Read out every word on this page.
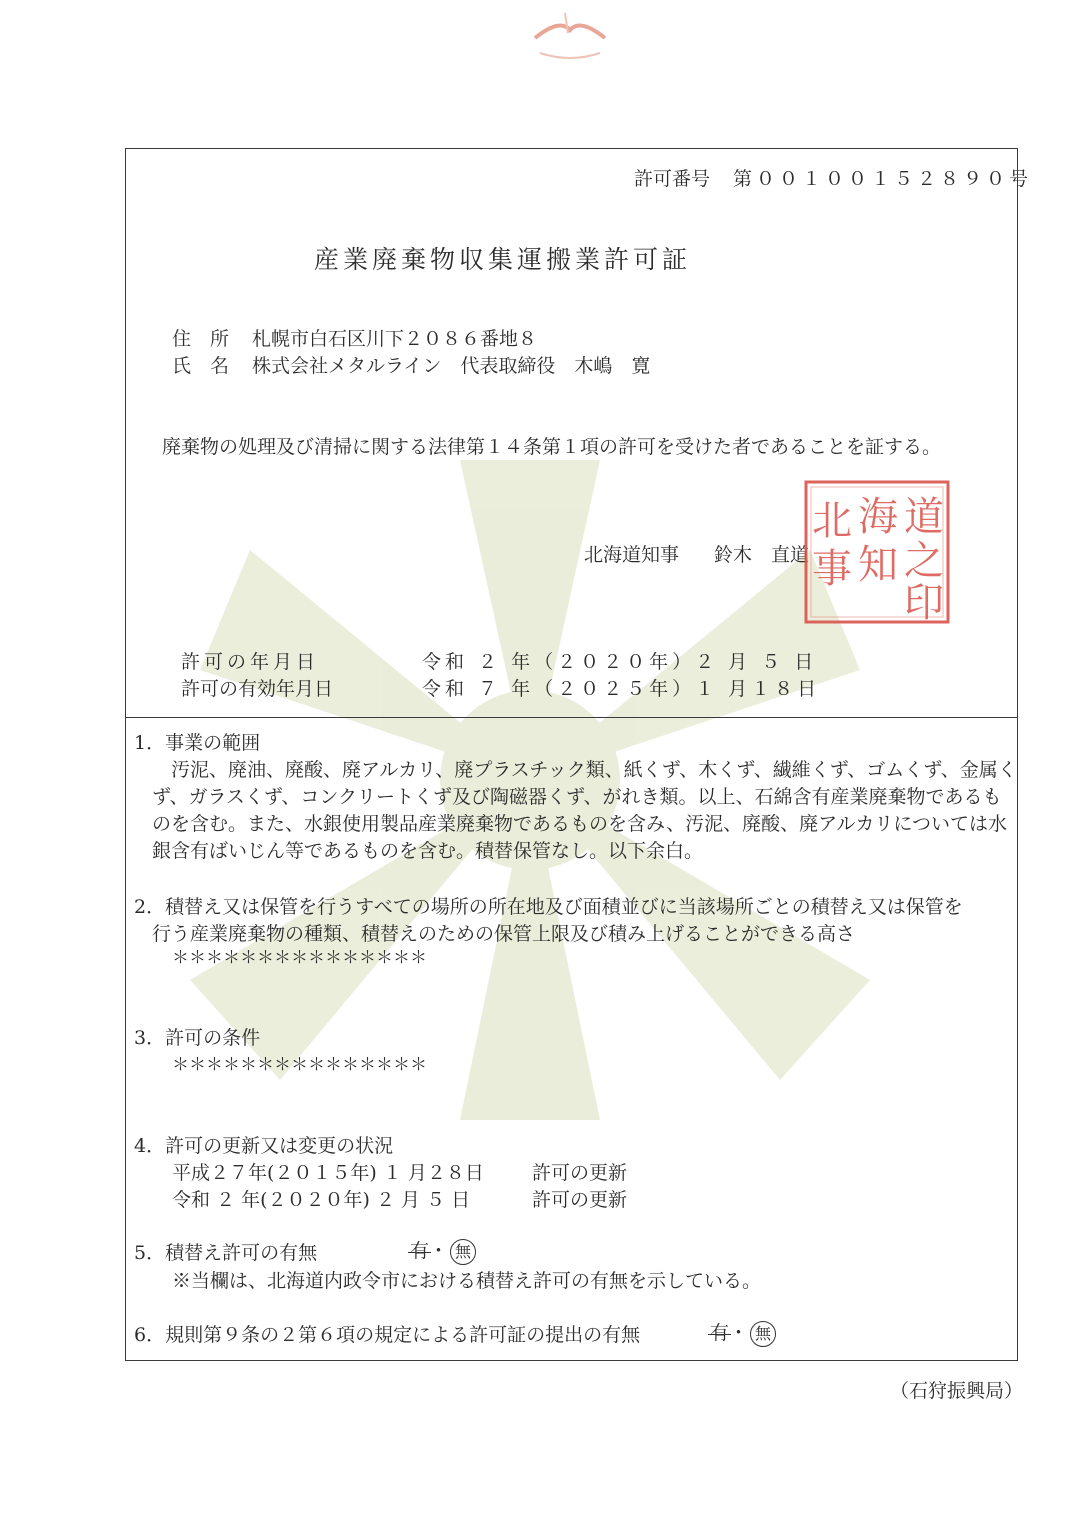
許可番号 第００１００１５２８９０号
産業廃棄物収集運搬業許可証
住　所 札幌市白石区川下２０８６番地８
氏　名 株式会社メタルライン　代表取締役　木嶋　寛
廃棄物の処理及び清掃に関する法律第１４条第１項の許可を受けた者であることを証する。
北海道知事 鈴木　直道
道
之
印
海
知
北
事
許可の年月日	令和 ２ 年（２０２０年）２ 月 ５ 日
許可の有効年月日	令和 ７ 年（２０２５年）１ 月１８日
1．事業の範囲
汚泥、廃油、廃酸、廃アルカリ、廃プラスチック類、紙くず、木くず、繊維くず、ゴムくず、金属くず、ガラスくず、コンクリートくず及び陶磁器くず、がれき類。以上、石綿含有産業廃棄物であるものを含む。また、水銀使用製品産業廃棄物であるものを含み、汚泥、廃酸、廃アルカリについては水銀含有ばいじん等であるものを含む。積替保管なし。以下余白。
2．積替え又は保管を行うすべての場所の所在地及び面積並びに当該場所ごとの積替え又は保管を
行う産業廃棄物の種類、積替えのための保管上限及び積み上げることができる高さ
＊＊＊＊＊＊＊＊＊＊＊＊＊＊＊
3．許可の条件
＊＊＊＊＊＊＊＊＊＊＊＊＊＊＊
4．許可の更新又は変更の状況
平成２７年(２０１５年) １ 月２８日	許可の更新
令和 ２ 年(２０２０年) ２ 月 ５ 日	許可の更新
5．積替え許可の有無	有・ 無
※当欄は、北海道内政令市における積替え許可の有無を示している。
6．規則第９条の２第６項の規定による許可証の提出の有無	有・ 無
（石狩振興局）
